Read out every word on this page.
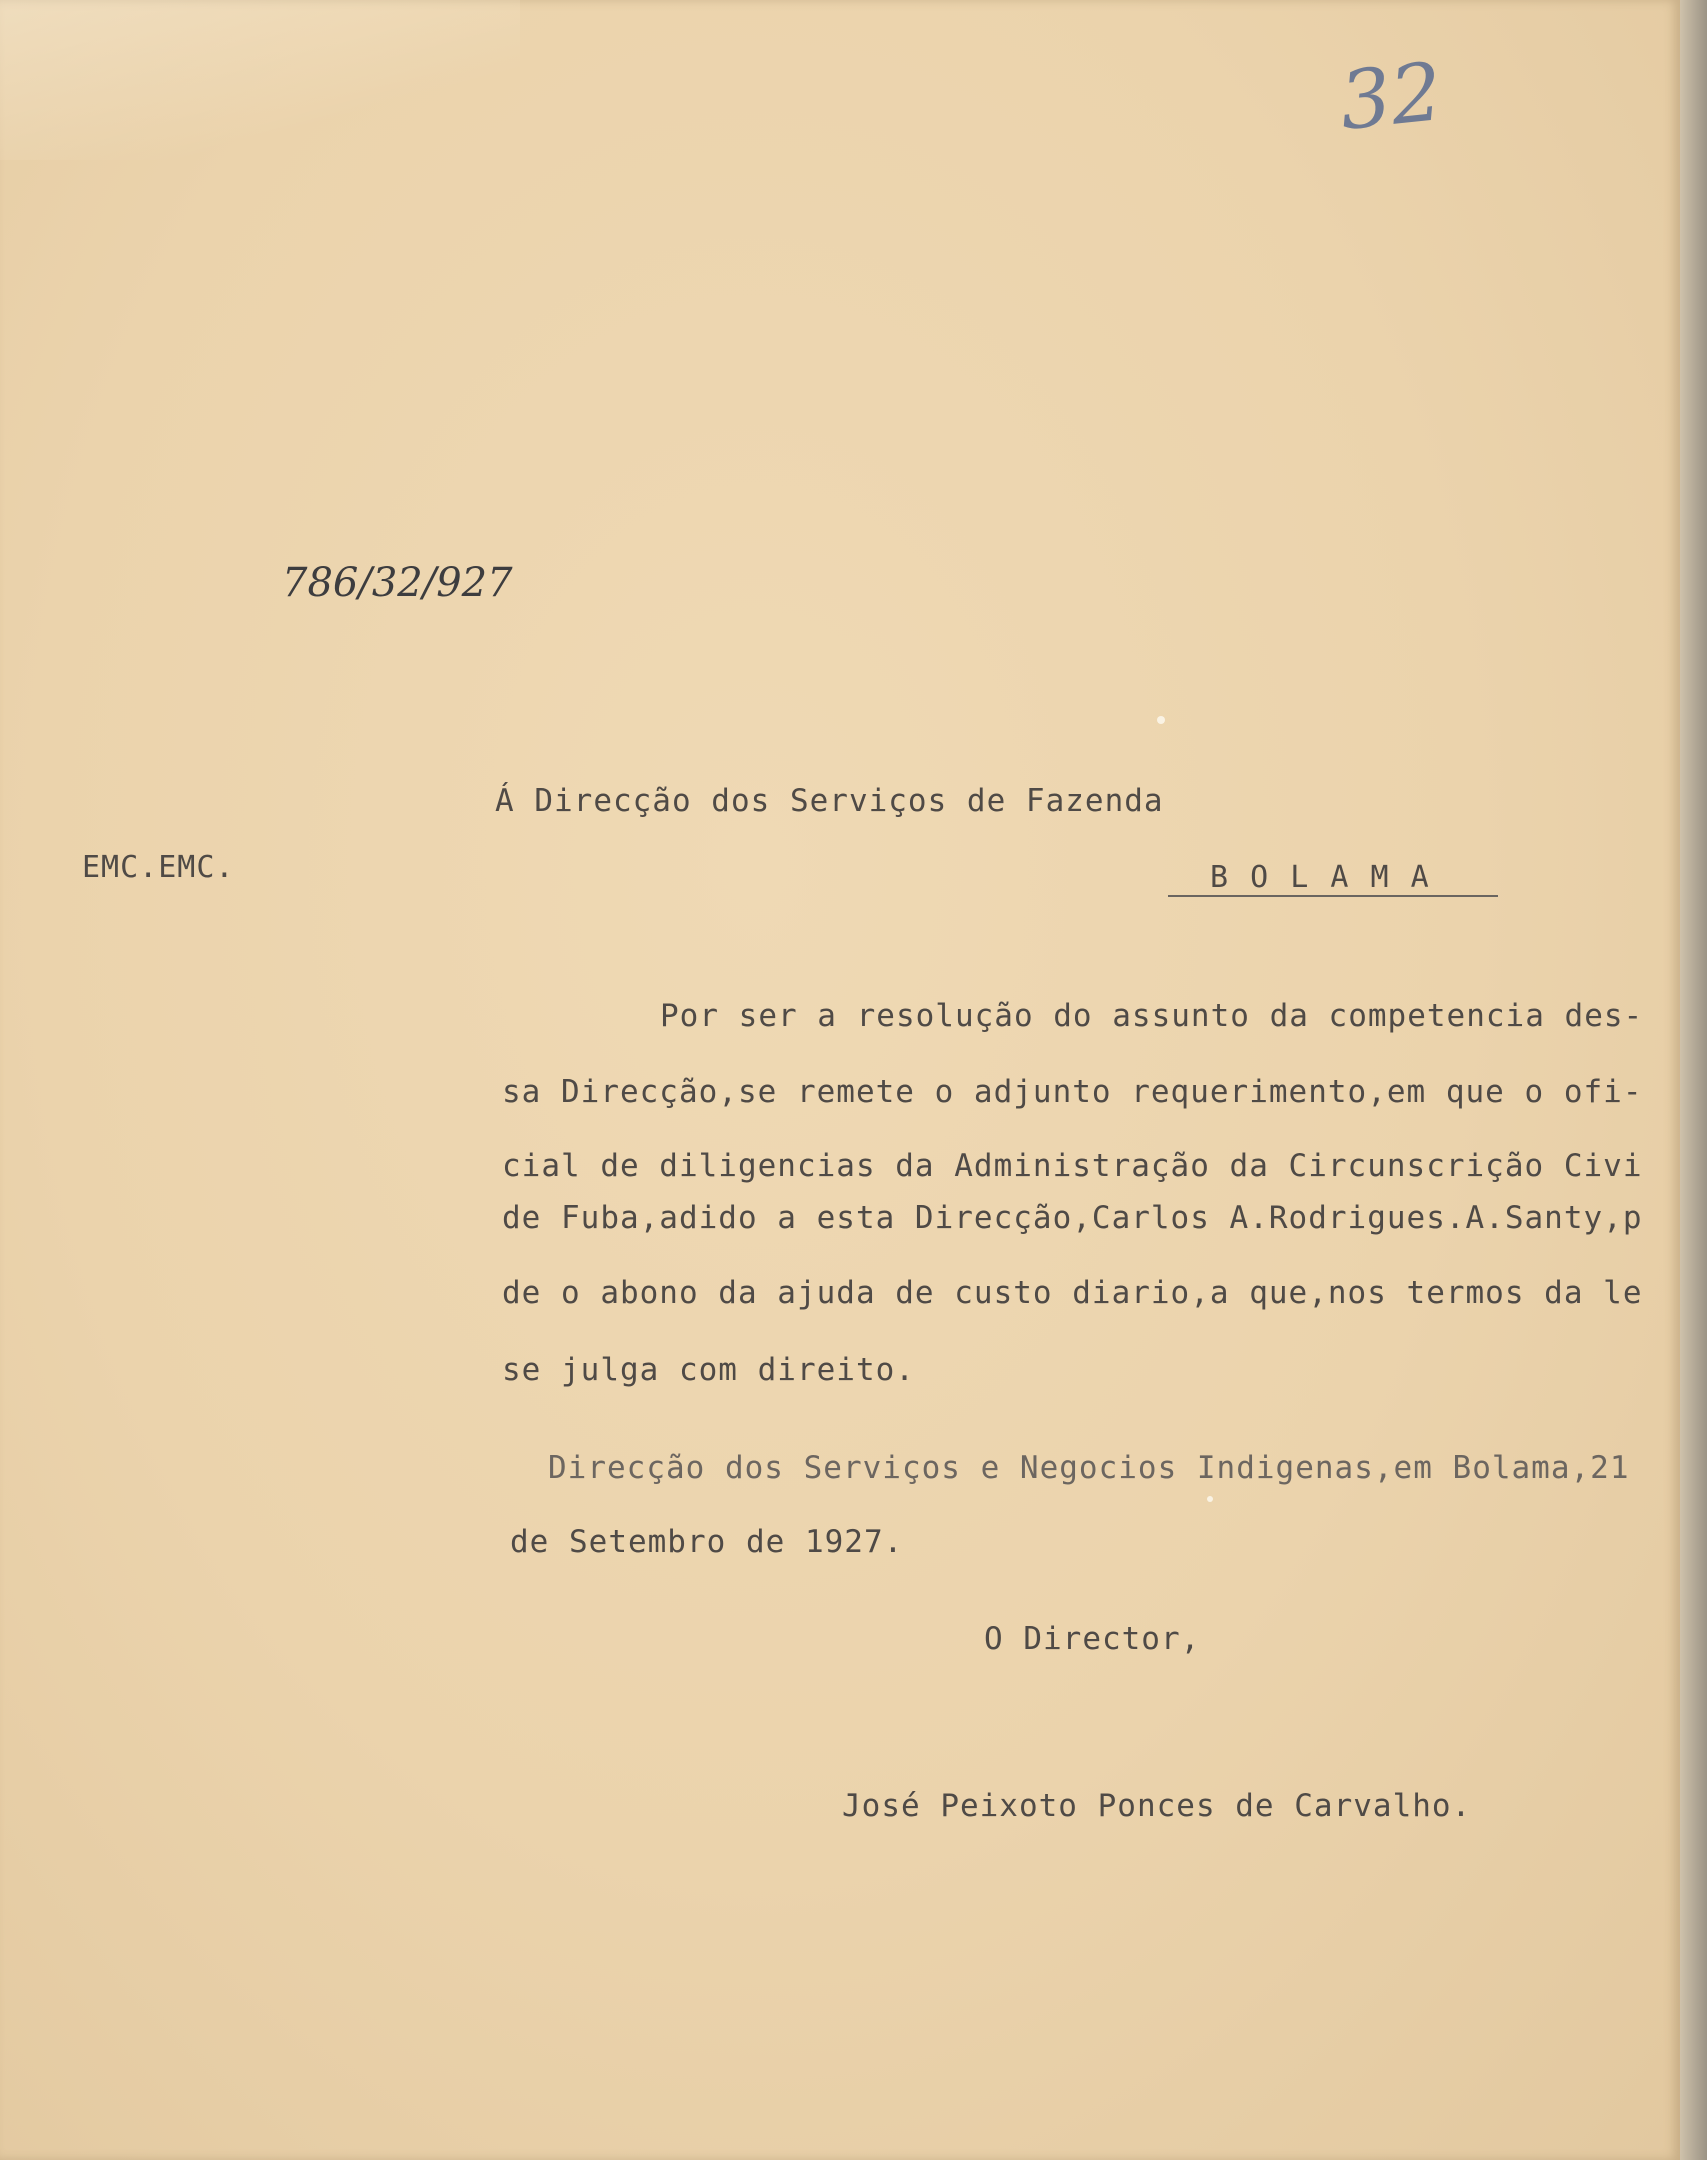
32
786/32/927
EMC.EMC.
Á Direcção dos Serviços de Fazenda
B O L A M A
Por ser a resolução do assunto da competencia des-
sa Direcção,se remete o adjunto requerimento,em que o ofi-
cial de diligencias da Administração da Circunscrição Civi
de Fuba,adido a esta Direcção,Carlos A.Rodrigues.A.Santy,p
de o abono da ajuda de custo diario,a que,nos termos da le
se julga com direito.
Direcção dos Serviços e Negocios Indigenas,em Bolama,21
de Setembro de 1927.
O Director,
José Peixoto Ponces de Carvalho.
